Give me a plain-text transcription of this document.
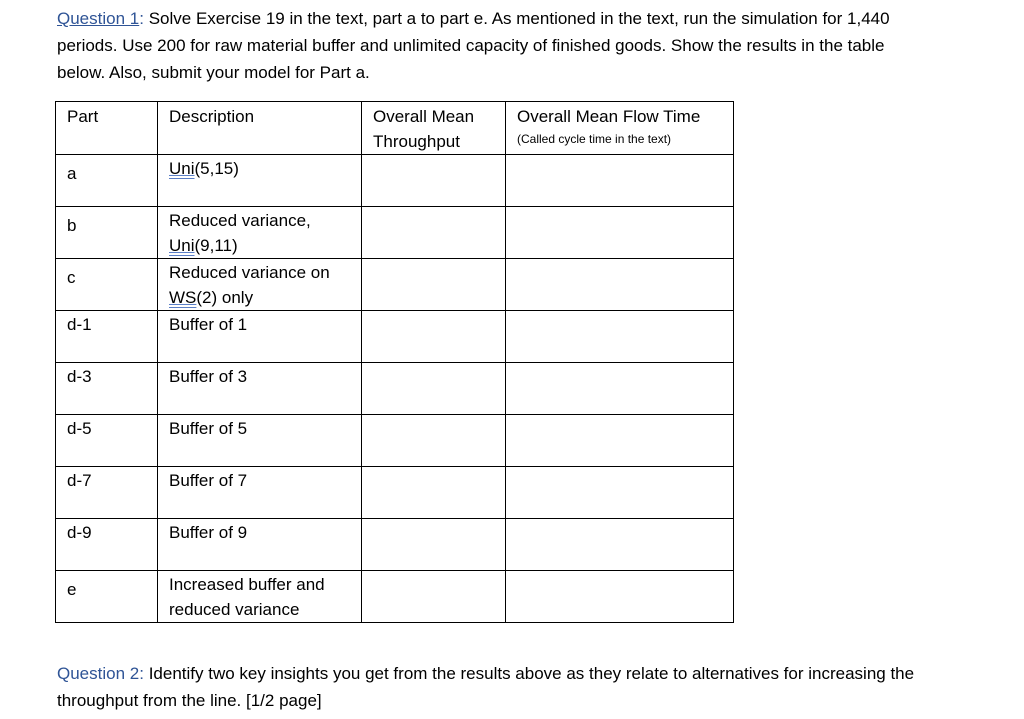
Question 1: Solve Exercise 19 in the text, part a to part e. As mentioned in the text, run the simulation for 1,440 periods. Use 200 for raw material buffer and unlimited capacity of finished goods. Show the results in the table below. Also, submit your model for Part a.
Part	Description	Overall Mean Throughput	Overall Mean Flow Time
(Called cycle time in the text)

a	Uni(5,15)		
b	Reduced variance,
Uni(9,11)		
c	Reduced variance on
WS(2) only		
d-1	Buffer of 1		
d-3	Buffer of 3		
d-5	Buffer of 5		
d-7	Buffer of 7		
d-9	Buffer of 9		
e	Increased buffer and
reduced variance		
Question 2: Identify two key insights you get from the results above as they relate to alternatives for increasing the throughput from the line. [1/2 page]
